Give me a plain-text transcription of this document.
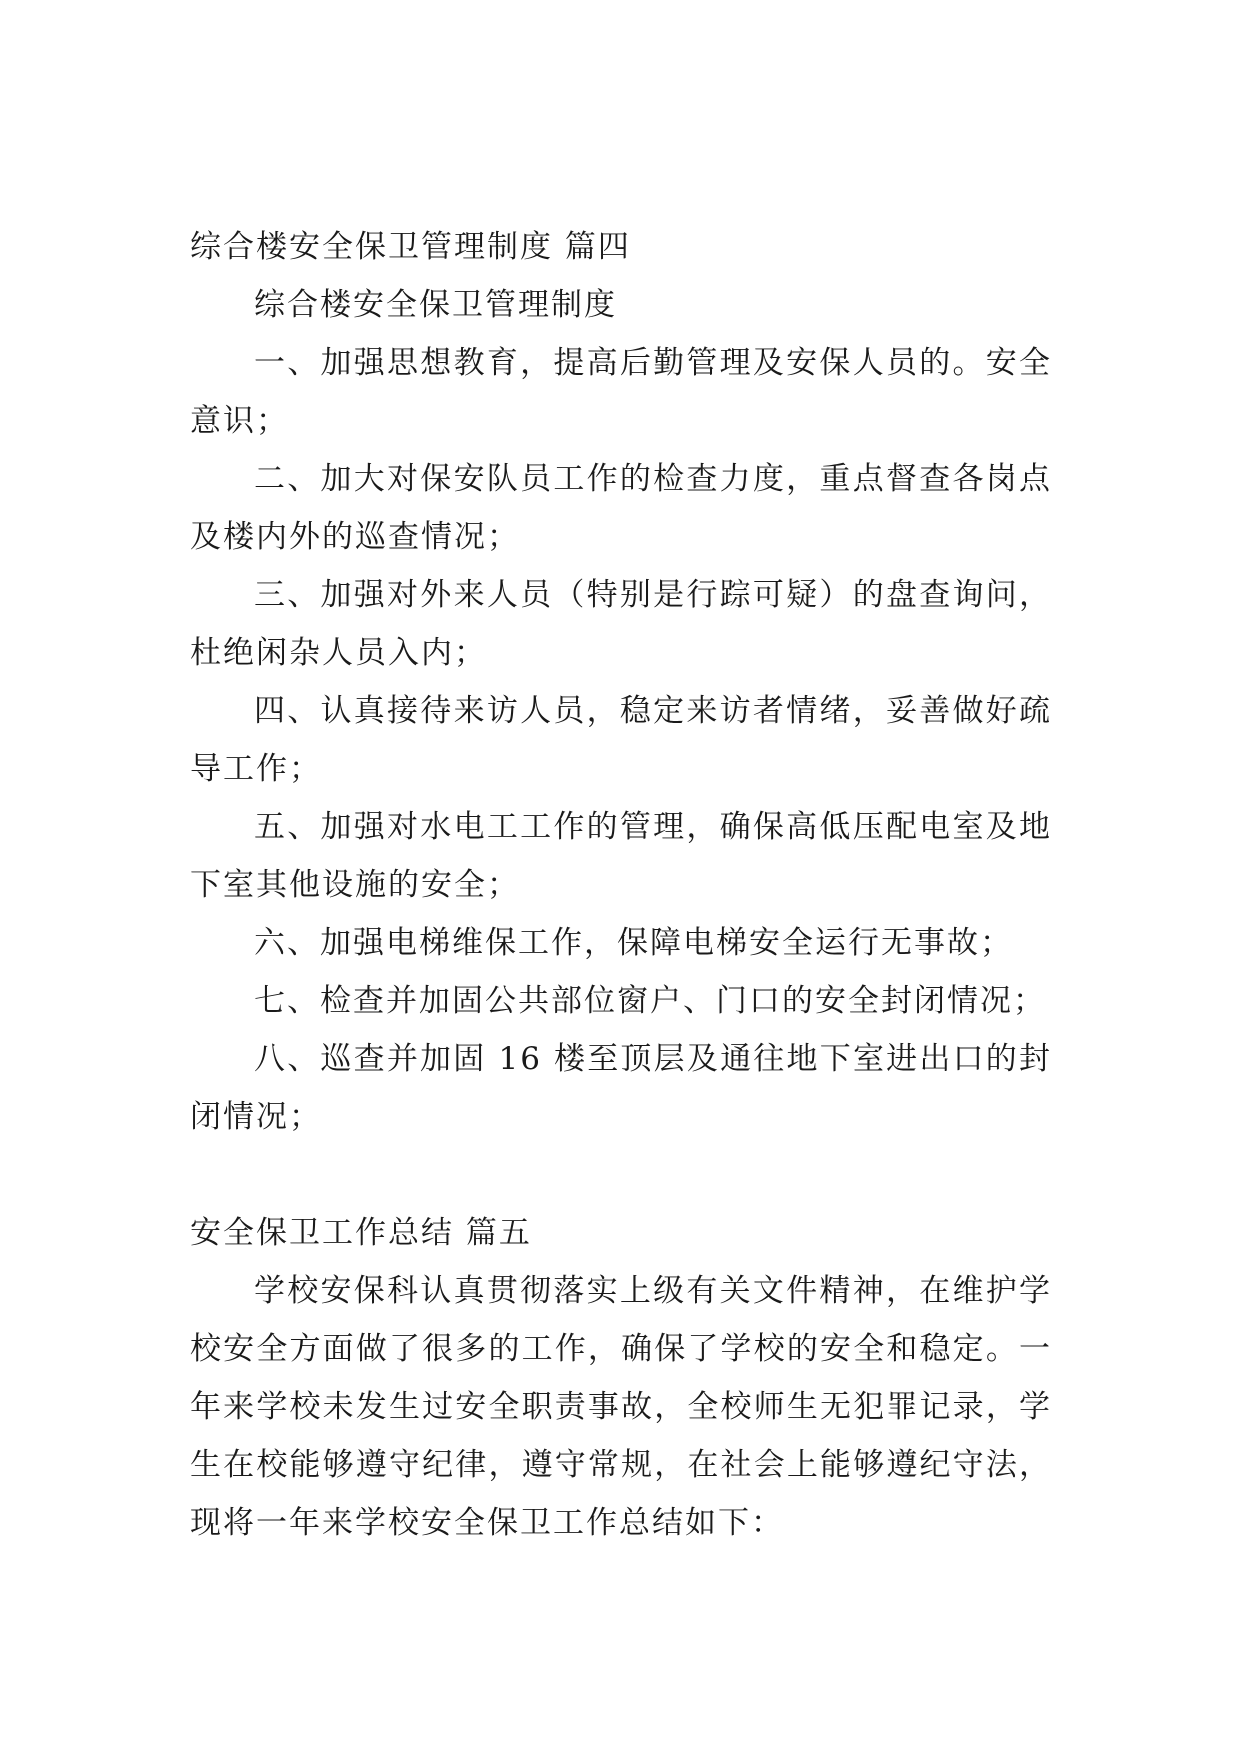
综合楼安全保卫管理制度 篇四

综合楼安全保卫管理制度

一、加强思想教育，提高后勤管理及安保人员的。安全意识；

二、加大对保安队员工作的检查力度，重点督查各岗点及楼内外的巡查情况；

三、加强对外来人员（特别是行踪可疑）的盘查询问，杜绝闲杂人员入内；

四、认真接待来访人员，稳定来访者情绪，妥善做好疏导工作；

五、加强对水电工工作的管理，确保高低压配电室及地下室其他设施的安全；

六、加强电梯维保工作，保障电梯安全运行无事故；

七、检查并加固公共部位窗户、门口的安全封闭情况；

八、巡查并加固 16 楼至顶层及通往地下室进出口的封闭情况；

安全保卫工作总结 篇五

学校安保科认真贯彻落实上级有关文件精神，在维护学校安全方面做了很多的工作，确保了学校的安全和稳定。一年来学校未发生过安全职责事故，全校师生无犯罪记录，学生在校能够遵守纪律，遵守常规，在社会上能够遵纪守法，现将一年来学校安全保卫工作总结如下：
